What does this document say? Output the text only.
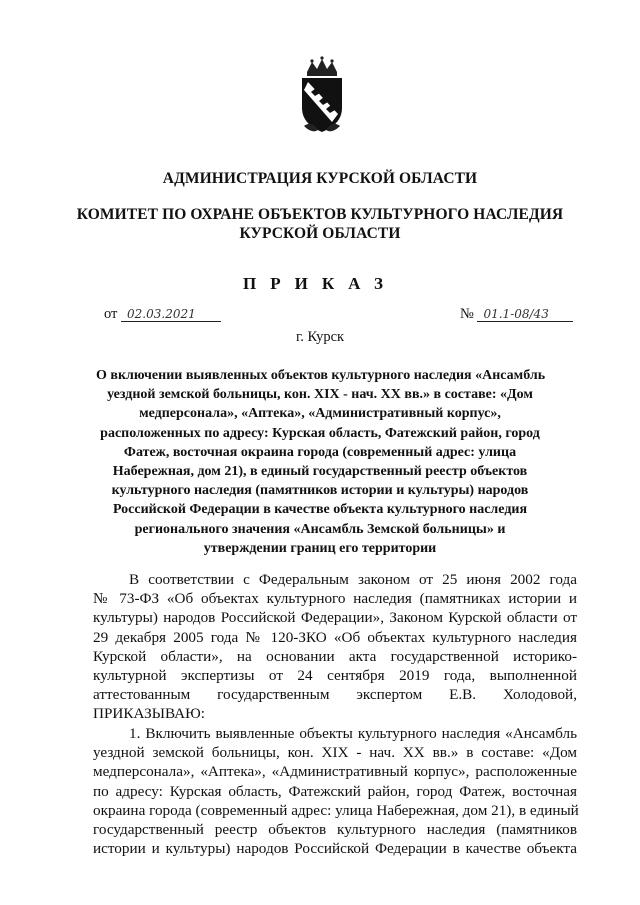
АДМИНИСТРАЦИЯ КУРСКОЙ ОБЛАСТИ
КОМИТЕТ ПО ОХРАНЕ ОБЪЕКТОВ КУЛЬТУРНОГО НАСЛЕДИЯ
КУРСКОЙ ОБЛАСТИ
ПРИКАЗ
от 02.03.2021	№ 01.1-08/43
г. Курск
О включении выявленных объектов культурного наследия «Ансамбль
уездной земской больницы, кон. XIX - нач. XX вв.» в составе: «Дом
медперсонала», «Аптека», «Административный корпус»,
расположенных по адресу: Курская область, Фатежский район, город
Фатеж, восточная окраина города (современный адрес: улица
Набережная, дом 21), в единый государственный реестр объектов
культурного наследия (памятников истории и культуры) народов
Российской Федерации в качестве объекта культурного наследия
регионального значения «Ансамбль Земской больницы» и
утверждении границ его территории
В соответствии с Федеральным законом от 25 июня 2002 года
№ 73-ФЗ «Об объектах культурного наследия (памятниках истории и
культуры) народов Российской Федерации», Законом Курской области от
29 декабря 2005 года № 120-ЗКО «Об объектах культурного наследия
Курской области», на основании акта государственной историко-
культурной экспертизы от 24 сентября 2019 года, выполненной
аттестованным государственным экспертом Е.В. Холодовой,
ПРИКАЗЫВАЮ:
1. Включить выявленные объекты культурного наследия «Ансамбль
уездной земской больницы, кон. XIX - нач. XX вв.» в составе: «Дом
медперсонала», «Аптека», «Административный корпус», расположенные
по адресу: Курская область, Фатежский район, город Фатеж, восточная
окраина города (современный адрес: улица Набережная, дом 21), в единый
государственный реестр объектов культурного наследия (памятников
истории и культуры) народов Российской Федерации в качестве объекта
